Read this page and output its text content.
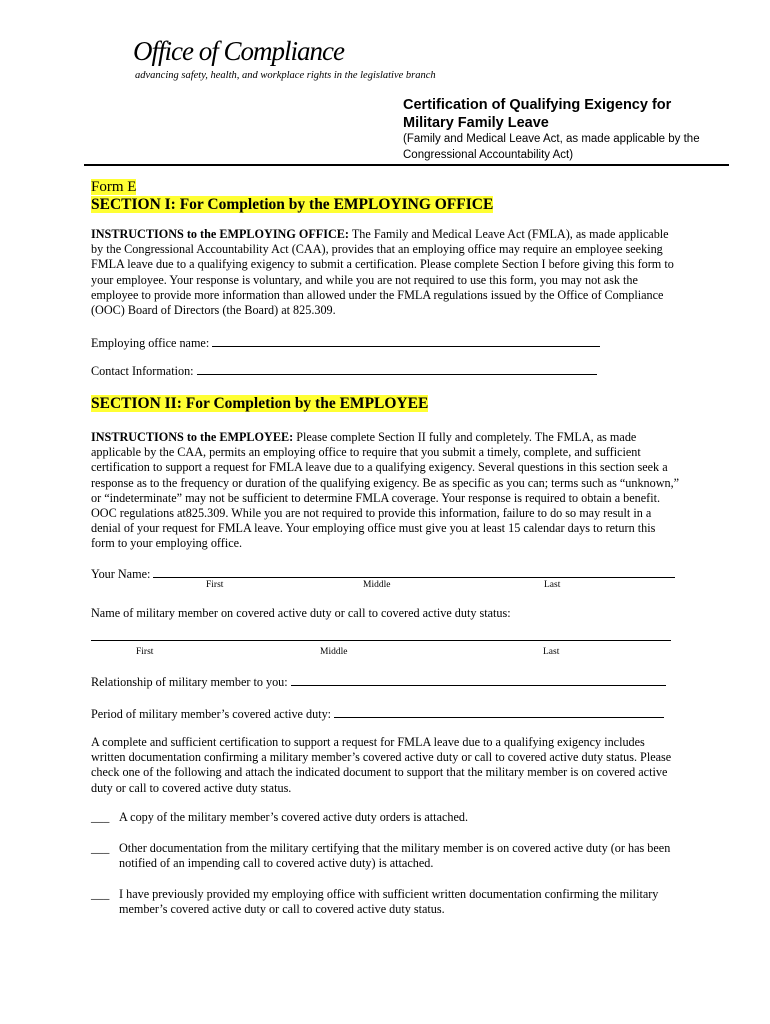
Office of Compliance
advancing safety, health, and workplace rights in the legislative branch
Certification of Qualifying Exigency for Military Family Leave
(Family and Medical Leave Act, as made applicable by the Congressional Accountability Act)
Form E
SECTION I: For Completion by the EMPLOYING OFFICE
INSTRUCTIONS to the EMPLOYING OFFICE: The Family and Medical Leave Act (FMLA), as made applicable by the Congressional Accountability Act (CAA), provides that an employing office may require an employee seeking FMLA leave due to a qualifying exigency to submit a certification. Please complete Section I before giving this form to your employee. Your response is voluntary, and while you are not required to use this form, you may not ask the employee to provide more information than allowed under the FMLA regulations issued by the Office of Compliance (OOC) Board of Directors (the Board) at 825.309.
Employing office name:
Contact Information:
SECTION II: For Completion by the EMPLOYEE
INSTRUCTIONS to the EMPLOYEE: Please complete Section II fully and completely. The FMLA, as made applicable by the CAA, permits an employing office to require that you submit a timely, complete, and sufficient certification to support a request for FMLA leave due to a qualifying exigency. Several questions in this section seek a response as to the frequency or duration of the qualifying exigency. Be as specific as you can; terms such as “unknown,” or “indeterminate” may not be sufficient to determine FMLA coverage. Your response is required to obtain a benefit. OOC regulations at825.309. While you are not required to provide this information, failure to do so may result in a denial of your request for FMLA leave. Your employing office must give you at least 15 calendar days to return this form to your employing office.
Your Name:
First	Middle	Last
Name of military member on covered active duty or call to covered active duty status:
First	Middle	Last
Relationship of military member to you:
Period of military member’s covered active duty:
A complete and sufficient certification to support a request for FMLA leave due to a qualifying exigency includes written documentation confirming a military member’s covered active duty or call to covered active duty status. Please check one of the following and attach the indicated document to support that the military member is on covered active duty or call to covered active duty status.
___ A copy of the military member’s covered active duty orders is attached.
___ Other documentation from the military certifying that the military member is on covered active duty (or has been notified of an impending call to covered active duty) is attached.
___ I have previously provided my employing office with sufficient written documentation confirming the military member’s covered active duty or call to covered active duty status.
